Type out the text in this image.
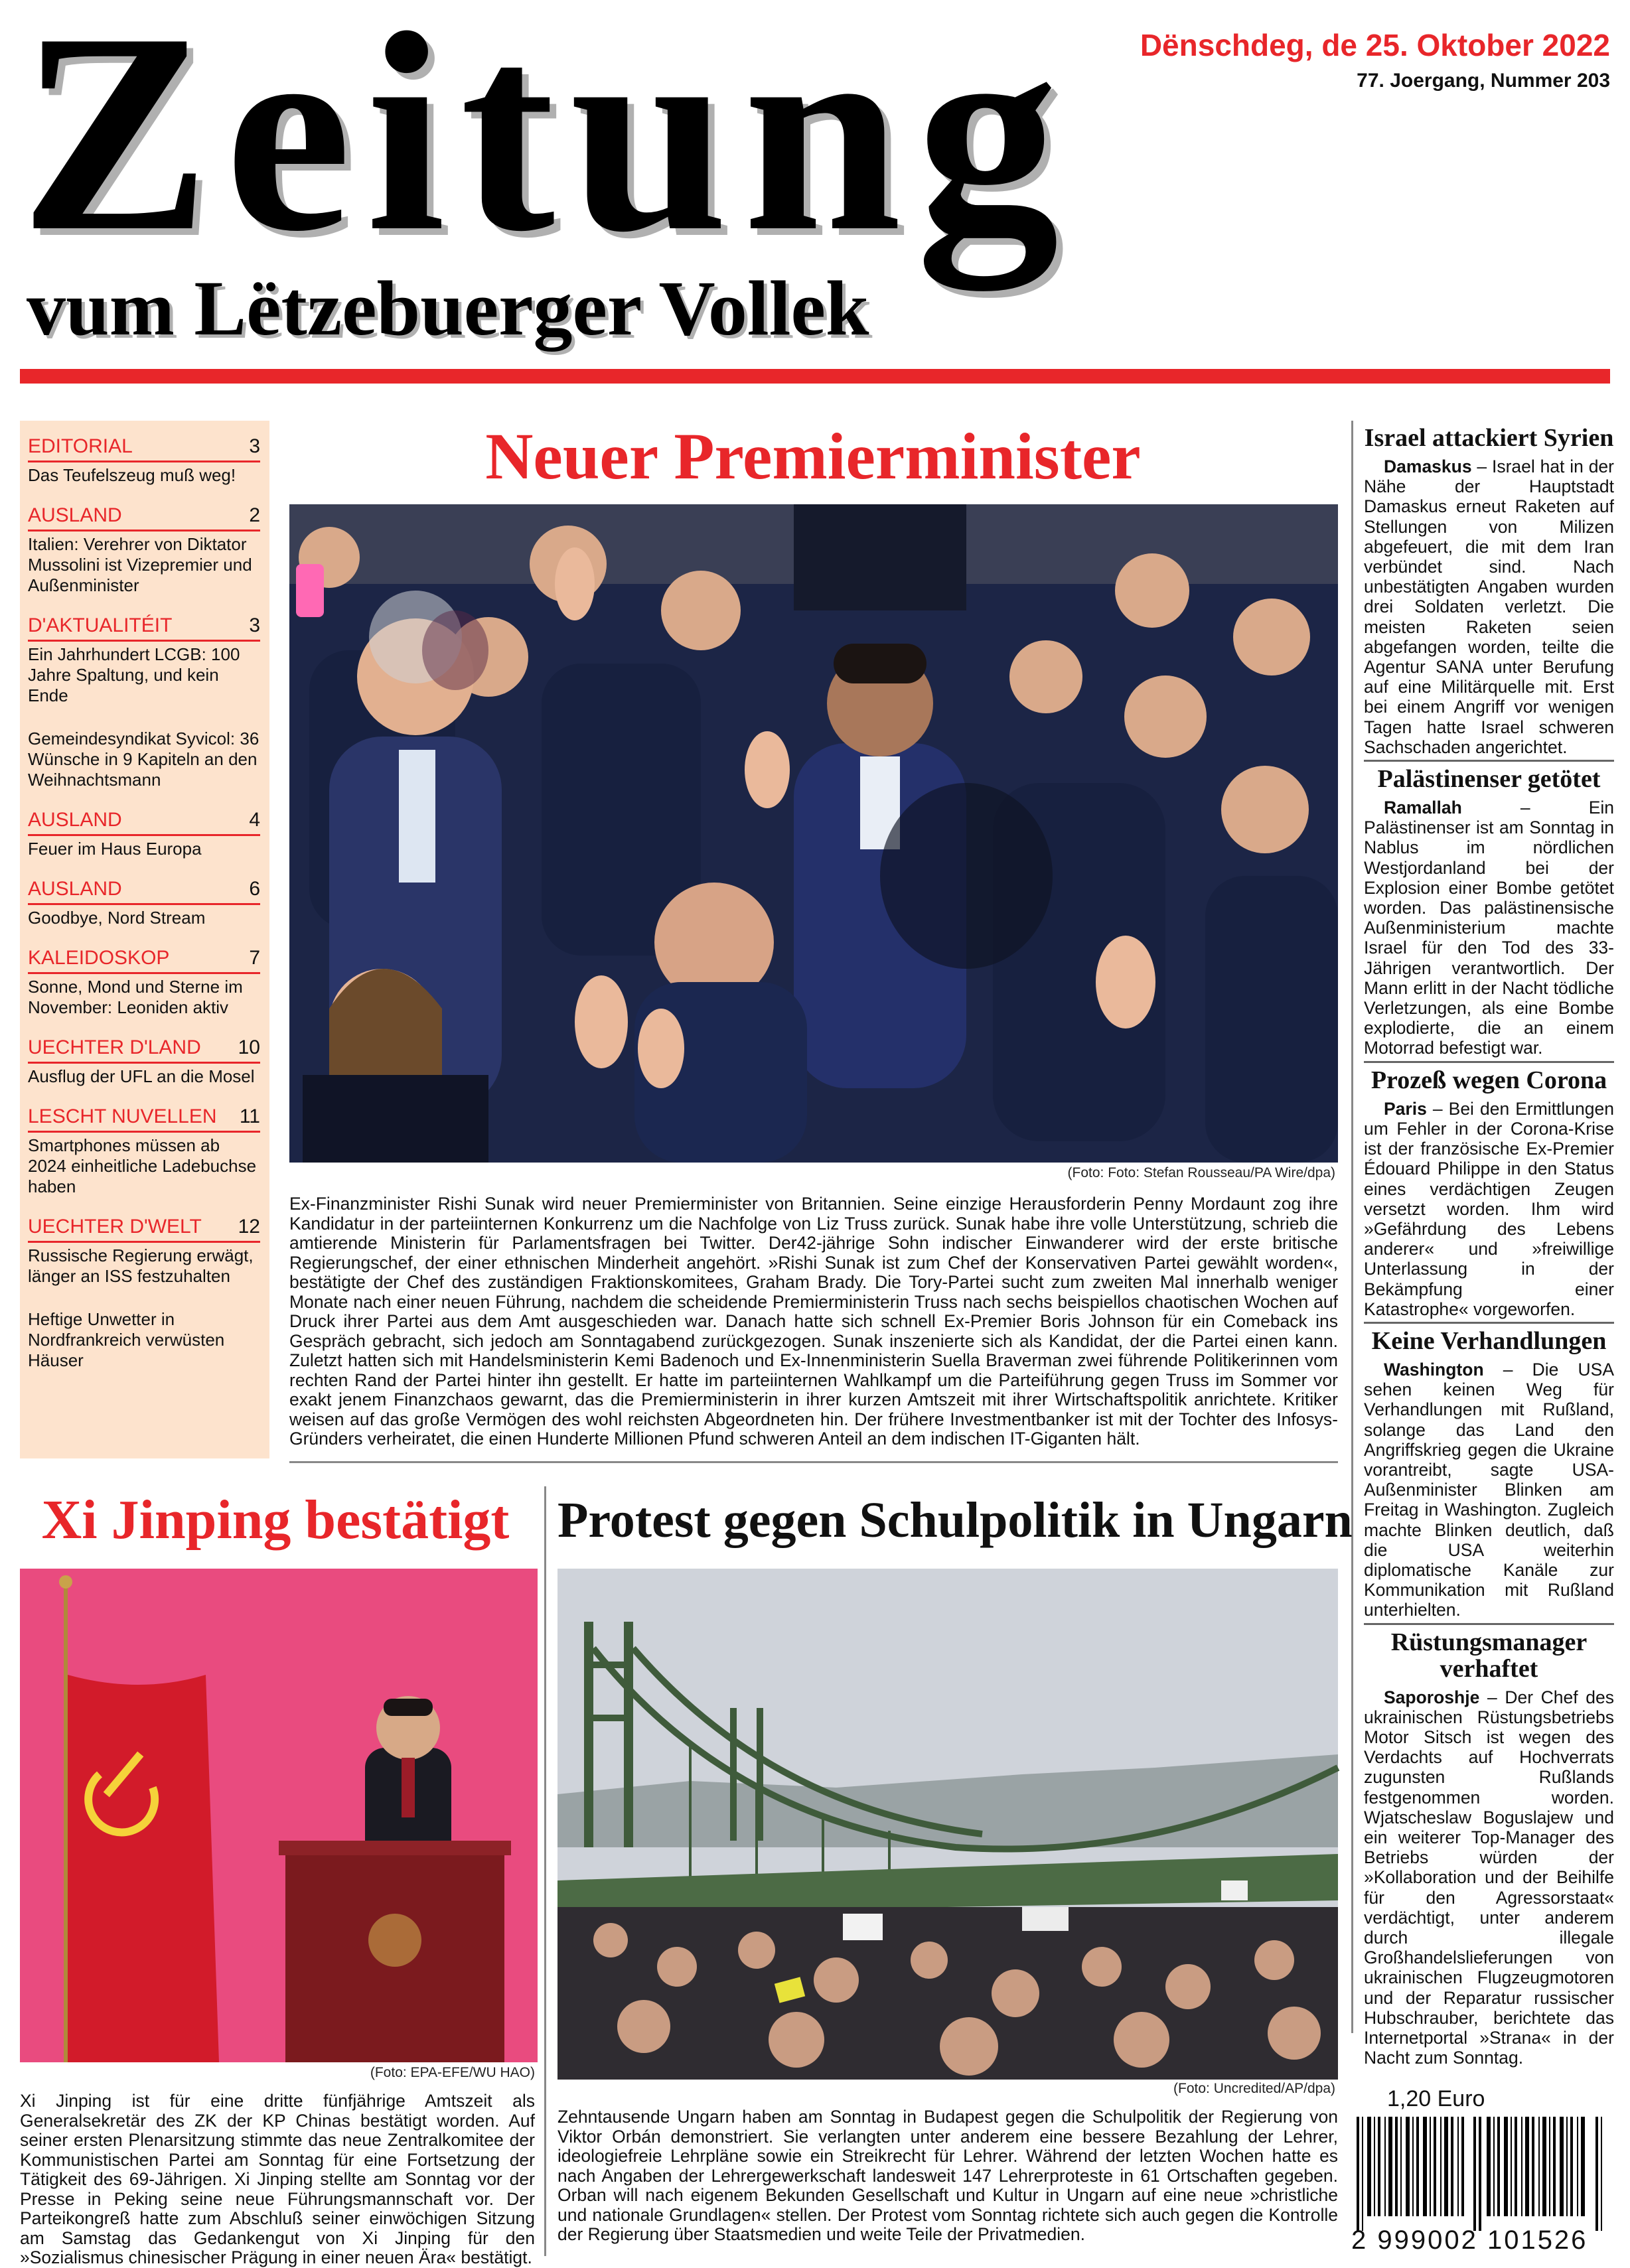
Zeitung
vum Lëtzebuerger Vollek
Dënschdeg, de 25. Oktober 2022
77. Joergang, Nummer 203
EDITORIAL	3
Das Teufelszeug muß weg!
AUSLAND	2
Italien: Verehrer von Diktator Mussolini ist Vizepremier und Außenminister
D'AKTUALITÉIT	3
Ein Jahrhundert LCGB: 100 Jahre Spaltung, und kein Ende
Gemeindesyndikat Syvicol: 36 Wünsche in 9 Kapiteln an den Weihnachtsmann
AUSLAND	4
Feuer im Haus Europa
AUSLAND	6
Goodbye, Nord Stream
KALEIDOSKOP	7
Sonne, Mond und Sterne im November: Leoniden aktiv
UECHTER D'LAND 10
Ausflug der UFL an die Mosel
LESCHT NUVELLEN 11
Smartphones müssen ab 2024 einheitliche Ladebuchse haben
UECHTER D'WELT 12
Russische Regierung erwägt, länger an ISS festzuhalten
Heftige Unwetter in Nordfrankreich verwüsten Häuser
Neuer Premierminister
(Foto: Foto: Stefan Rousseau/PA Wire/dpa)
Ex-Finanzminister Rishi Sunak wird neuer Premierminister von Britannien. Seine einzige Herausforderin Penny Mordaunt zog ihre Kandidatur in der parteiinternen Konkurrenz um die Nachfolge von Liz Truss zurück. Sunak habe ihre volle Unterstützung, schrieb die amtierende Ministerin für Parlamentsfragen bei Twitter. Der42-jährige Sohn indischer Einwanderer wird der erste britische Regierungschef, der einer ethnischen Minderheit angehört. »Rishi Sunak ist zum Chef der Konservativen Partei gewählt worden«, bestätigte der Chef des zuständigen Fraktionskomitees, Graham Brady. Die Tory-Partei sucht zum zweiten Mal innerhalb weniger Monate nach einer neuen Führung, nachdem die scheidende Premierministerin Truss nach sechs beispiellos chaotischen Wochen auf Druck ihrer Partei aus dem Amt ausgeschieden war. Danach hatte sich schnell Ex-Premier Boris Johnson für ein Comeback ins Gespräch gebracht, sich jedoch am Sonntagabend zurückgezogen. Sunak inszenierte sich als Kandidat, der die Partei einen kann. Zuletzt hatten sich mit Handelsministerin Kemi Badenoch und Ex-Innenministerin Suella Braverman zwei führende Politikerinnen vom rechten Rand der Partei hinter ihn gestellt. Er hatte im parteiinternen Wahlkampf um die Parteiführung gegen Truss im Sommer vor exakt jenem Finanzchaos gewarnt, das die Premierministerin in ihrer kurzen Amtszeit mit ihrer Wirtschaftspolitik anrichtete. Kritiker weisen auf das große Vermögen des wohl reichsten Abgeordneten hin. Der frühere Investmentbanker ist mit der Tochter des Infosys-Gründers verheiratet, die einen Hunderte Millionen Pfund schweren Anteil an dem indischen IT-Giganten hält.
Israel attackiert Syrien

Damaskus – Israel hat in der Nähe der Hauptstadt Damaskus erneut Raketen auf Stellungen von Milizen abgefeuert, die mit dem Iran verbündet sind. Nach unbestätigten Angaben wurden drei Soldaten verletzt. Die meisten Raketen seien abgefangen worden, teilte die Agentur SANA unter Berufung auf eine Militärquelle mit. Erst bei einem Angriff vor wenigen Tagen hatte Israel schweren Sachschaden angerichtet.

Palästinenser getötet

Ramallah – Ein Palästinenser ist am Sonntag in Nablus im nördlichen Westjordanland bei der Explosion einer Bombe getötet worden. Das palästinensische Außenministerium machte Israel für den Tod des 33-Jährigen verantwortlich. Der Mann erlitt in der Nacht tödliche Verletzungen, als eine Bombe explodierte, die an einem Motorrad befestigt war.

Prozeß wegen Corona

Paris – Bei den Ermittlungen um Fehler in der Corona-Krise ist der französische Ex-Premier Édouard Philippe in den Status eines verdächtigen Zeugen versetzt worden. Ihm wird »Gefährdung des Lebens anderer« und »freiwillige Unterlassung in der Bekämpfung einer Katastrophe« vorgeworfen.

Keine Verhandlungen

Washington – Die USA sehen keinen Weg für Verhandlungen mit Rußland, solange das Land den Angriffskrieg gegen die Ukraine vorantreibt, sagte USA-Außenminister Blinken am Freitag in Washington. Zugleich machte Blinken deutlich, daß die USA weiterhin diplomatische Kanäle zur Kommunikation mit Rußland unterhielten.

Rüstungsmanager verhaftet

Saporoshje – Der Chef des ukrainischen Rüstungsbetriebs Motor Sitsch ist wegen des Verdachts auf Hochverrats zugunsten Rußlands festgenommen worden. Wjatscheslaw Boguslajew und ein weiterer Top-Manager des Betriebs würden der »Kollaboration und der Beihilfe für den Agressorstaat« verdächtigt, unter anderem durch illegale Großhandelslieferungen von ukrainischen Flugzeugmotoren und der Reparatur russischer Hubschrauber, berichtete das Internetportal »Strana« in der Nacht zum Sonntag.

Xi Jinping bestätigt
(Foto: EPA-EFE/WU HAO)
Xi Jinping ist für eine dritte fünfjährige Amtszeit als Generalsekretär des ZK der KP Chinas bestätigt worden. Auf seiner ersten Plenarsitzung stimmte das neue Zentralkomitee der Kommunistischen Partei am Sonntag für eine Fortsetzung der Tätigkeit des 69-Jährigen. Xi Jinping stellte am Sonntag vor der Presse in Peking seine neue Führungsmannschaft vor. Der Parteikongreß hatte zum Abschluß seiner einwöchigen Sitzung am Samstag das Gedankengut von Xi Jinping für den »Sozialismus chinesischer Prägung in einer neuen Ära« bestätigt.
Protest gegen Schulpolitik in Ungarn
(Foto: Uncredited/AP/dpa)
Zehntausende Ungarn haben am Sonntag in Budapest gegen die Schulpolitik der Regierung von Viktor Orbán demonstriert. Sie verlangten unter anderem eine bessere Bezahlung der Lehrer, ideologiefreie Lehrpläne sowie ein Streikrecht für Lehrer. Während der letzten Wochen hatte es nach Angaben der Lehrergewerkschaft landesweit 147 Lehrerproteste in 61 Ortschaften gegeben. Orban will nach eigenem Bekunden Gesellschaft und Kultur in Ungarn auf eine neue »christliche und nationale Grundlagen« stellen. Der Protest vom Sonntag richtete sich auch gegen die Kontrolle der Regierung über Staatsmedien und weite Teile der Privatmedien.
1,20 Euro
2 999002 101526
